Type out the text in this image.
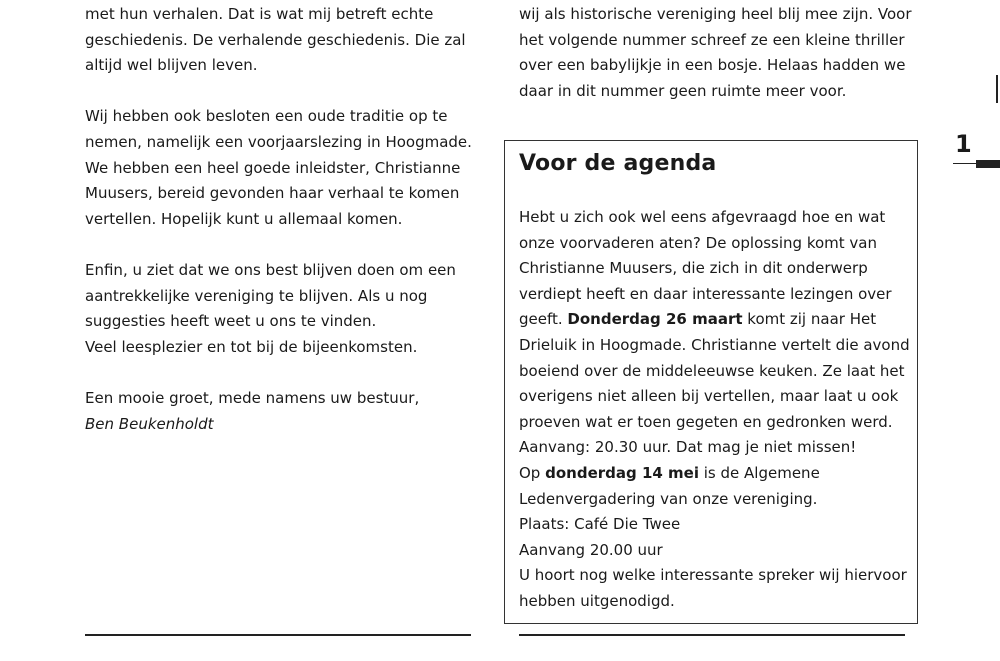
met hun verhalen. Dat is wat mij betreft echte

geschiedenis. De verhalende geschiedenis. Die zal

altijd wel blijven leven.

Wij hebben ook besloten een oude traditie op te

nemen, namelijk een voorjaarslezing in Hoogmade.

We hebben een heel goede inleidster, Christianne

Muusers, bereid gevonden haar verhaal te komen

vertellen. Hopelijk kunt u allemaal komen.

Enfin, u ziet dat we ons best blijven doen om een

aantrekkelijke vereniging te blijven. Als u nog

suggesties heeft weet u ons te vinden.

Veel leesplezier en tot bij de bijeenkomsten.

Een mooie groet, mede namens uw bestuur,

Ben Beukenholdt

wij als historische vereniging heel blij mee zijn. Voor

het volgende nummer schreef ze een kleine thriller

over een babylijkje in een bosje. Helaas hadden we

daar in dit nummer geen ruimte meer voor.

Voor de agenda

Hebt u zich ook wel eens afgevraagd hoe en wat

onze voorvaderen aten? De oplossing komt van

Christianne Muusers, die zich in dit onderwerp

verdiept heeft en daar interessante lezingen over

geeft. Donderdag 26 maart komt zij naar Het

Drieluik in Hoogmade. Christianne vertelt die avond

boeiend over de middeleeuwse keuken. Ze laat het

overigens niet alleen bij vertellen, maar laat u ook

proeven wat er toen gegeten en gedronken werd.

Aanvang: 20.30 uur. Dat mag je niet missen!

Op donderdag 14 mei is de Algemene

Ledenvergadering van onze vereniging.

Plaats: Café Die Twee

Aanvang 20.00 uur

U hoort nog welke interessante spreker wij hiervoor

hebben uitgenodigd.

1
